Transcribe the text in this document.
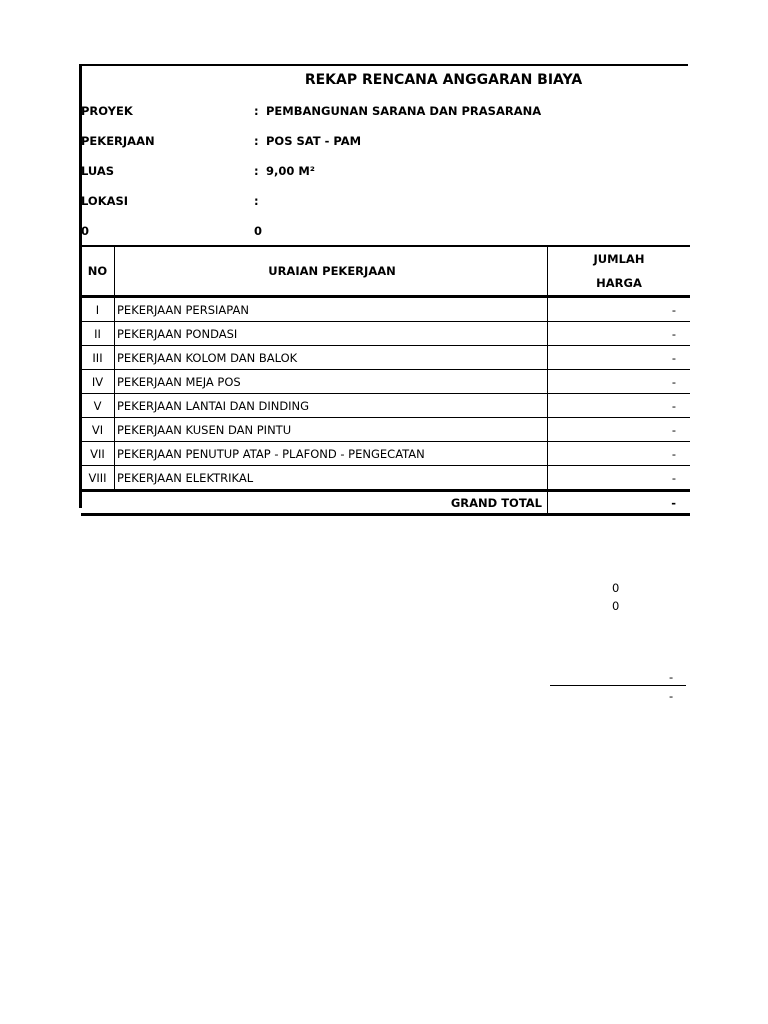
REKAP RENCANA ANGGARAN BIAYA
PROYEK	: PEMBANGUNAN SARANA DAN PRASARANA
PEKERJAAN	: POS SAT - PAM
LUAS	: 9,00 M²
LOKASI	:
0	0
NO	URAIAN PEKERJAAN	JUMLAH
HARGA

I	PEKERJAAN PERSIAPAN	-
II	PEKERJAAN PONDASI	-
III	PEKERJAAN KOLOM DAN BALOK	-
IV	PEKERJAAN MEJA POS	-
V	PEKERJAAN LANTAI DAN DINDING	-
VI	PEKERJAAN KUSEN DAN PINTU	-
VII	PEKERJAAN PENUTUP ATAP - PLAFOND - PENGECATAN	-
VIII	PEKERJAAN ELEKTRIKAL	-
GRAND TOTAL		-
0
0
-
-
